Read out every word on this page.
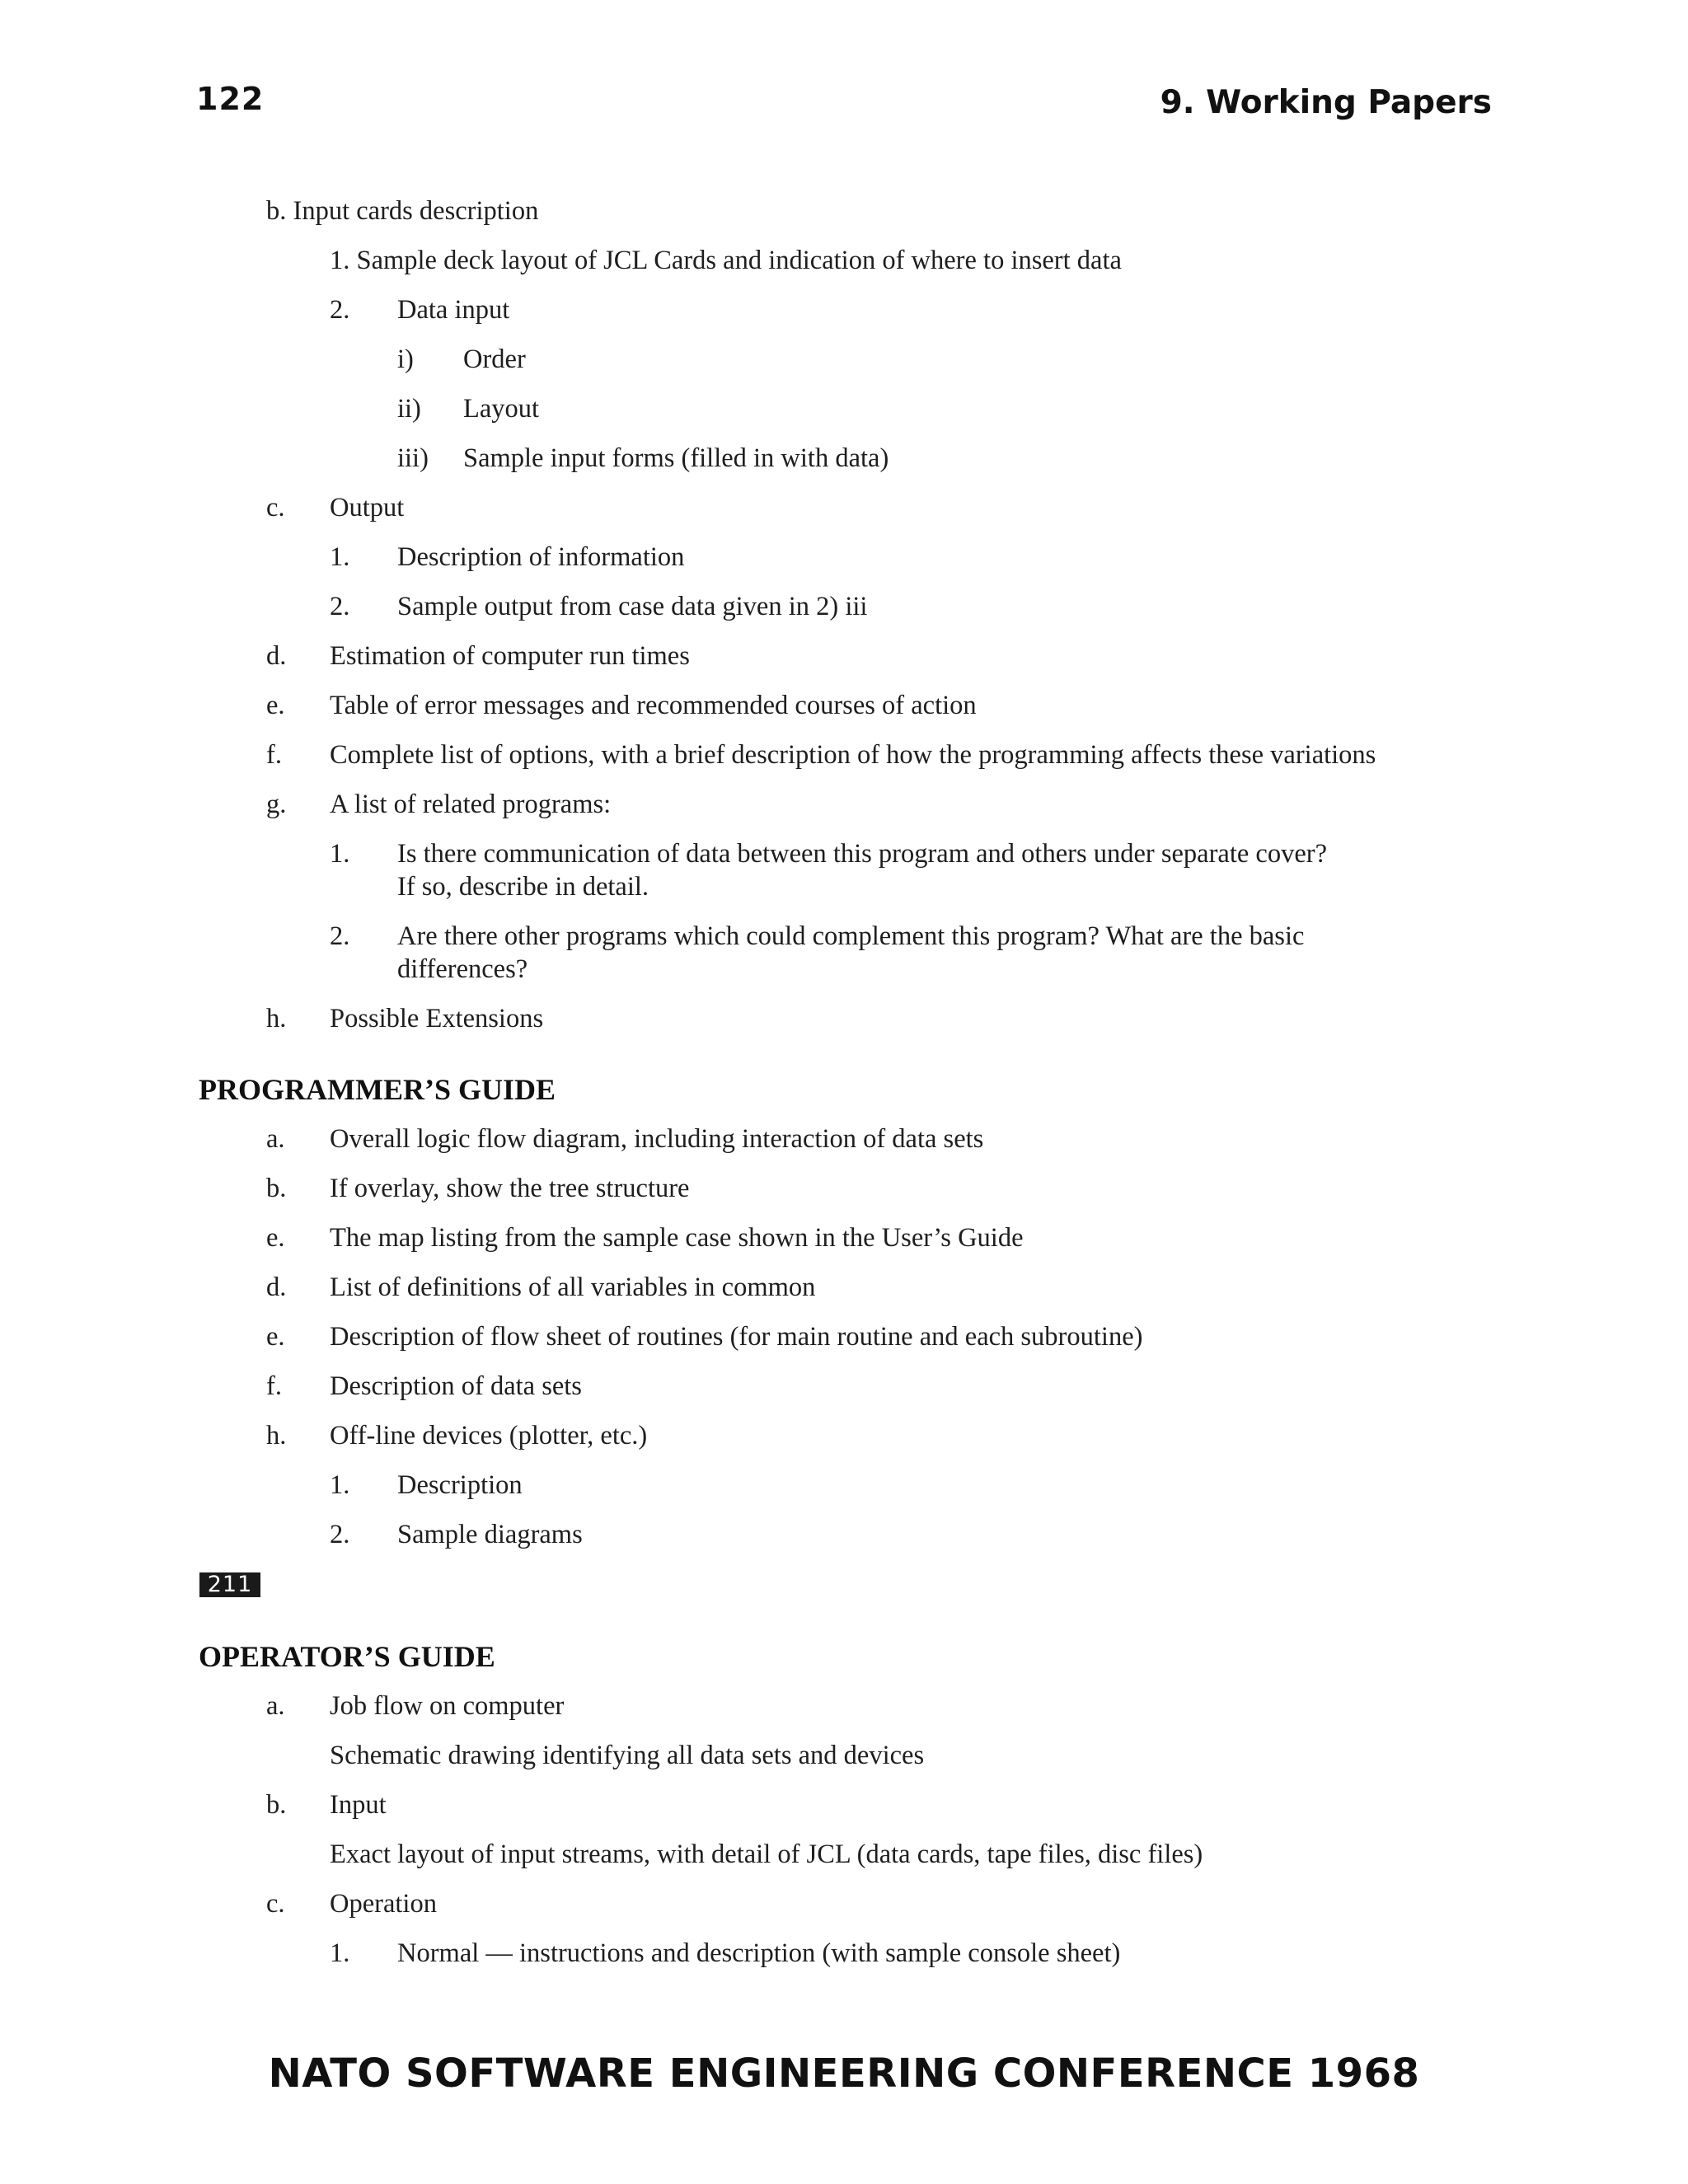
122	9. Working Papers
b. Input cards description
1. Sample deck layout of JCL Cards and indication of where to insert data
2. Data input
i) Order
ii) Layout
iii) Sample input forms (filled in with data)
c. Output
1. Description of information
2. Sample output from case data given in 2) iii
d. Estimation of computer run times
e. Table of error messages and recommended courses of action
f. Complete list of options, with a brief description of how the programming affects these variations
g. A list of related programs:
1. Is there communication of data between this program and others under separate cover?
If so, describe in detail.
2. Are there other programs which could complement this program? What are the basic
differences?
h. Possible Extensions
PROGRAMMER’S GUIDE
a. Overall logic flow diagram, including interaction of data sets
b. If overlay, show the tree structure
e. The map listing from the sample case shown in the User’s Guide
d. List of definitions of all variables in common
e. Description of flow sheet of routines (for main routine and each subroutine)
f. Description of data sets
h. Off-line devices (plotter, etc.)
1. Description
2. Sample diagrams
211
OPERATOR’S GUIDE
a. Job flow on computer
Schematic drawing identifying all data sets and devices
b. Input
Exact layout of input streams, with detail of JCL (data cards, tape files, disc files)
c. Operation
1. Normal — instructions and description (with sample console sheet)
NATO SOFTWARE ENGINEERING CONFERENCE 1968
